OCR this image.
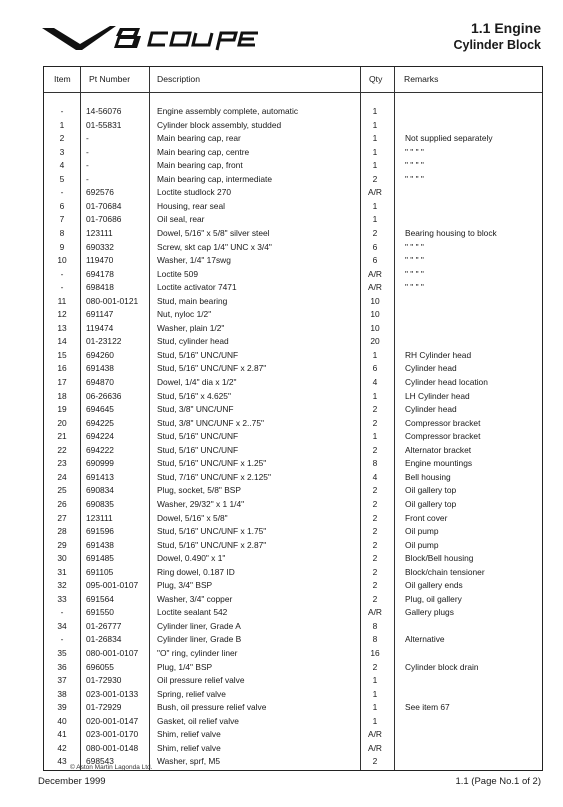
1.1 Engine
Cylinder Block
Item Pt Number	Description	Qty	Remarks
-	14-56076	Engine assembly complete, automatic	1
1	01-55831	Cylinder block assembly, studded	1
2	-	Main bearing cap, rear	1	Not supplied separately
3	-	Main bearing cap, centre	1	" " " "
4	-	Main bearing cap, front	1	" " " "
5	-	Main bearing cap, intermediate	2	" " " "
-	692576	Loctite studlock 270	A/R
6	01-70684	Housing, rear seal	1
7	01-70686	Oil seal, rear	1
8	123111	Dowel, 5/16" x 5/8" silver steel	2	Bearing housing to block
9	690332	Screw, skt cap 1/4" UNC x 3/4"	6	" " " "
10	119470	Washer, 1/4" 17swg	6	" " " "
-	694178	Loctite 509	A/R	" " " "
-	698418	Loctite activator 7471	A/R	" " " "
11	080-001-0121	Stud, main bearing	10
12	691147	Nut, nyloc 1/2"	10
13	119474	Washer, plain 1/2"	10
14	01-23122	Stud, cylinder head	20
15	694260	Stud, 5/16" UNC/UNF	1	RH Cylinder head
16	691438	Stud, 5/16" UNC/UNF x 2.87"	6	Cylinder head
17	694870	Dowel, 1/4" dia x 1/2"	4	Cylinder head location
18	06-26636	Stud, 5/16" x 4.625"	1	LH Cylinder head
19	694645	Stud, 3/8" UNC/UNF	2	Cylinder head
20	694225	Stud, 3/8" UNC/UNF x 2..75"	2	Compressor bracket
21	694224	Stud, 5/16" UNC/UNF	1	Compressor bracket
22	694222	Stud, 5/16" UNC/UNF	2	Alternator bracket
23	690999	Stud, 5/16" UNC/UNF x 1.25"	8	Engine mountings
24	691413	Stud, 7/16" UNC/UNF x 2.125"	4	Bell housing
25	690834	Plug, socket, 5/8" BSP	2	Oil gallery top
26	690835	Washer, 29/32" x 1 1/4"	2	Oil gallery top
27	123111	Dowel, 5/16" x 5/8"	2	Front cover
28	691596	Stud, 5/16" UNC/UNF x 1.75"	2	Oil pump
29	691438	Stud, 5/16" UNC/UNF x 2.87"	2	Oil pump
30	691485	Dowel, 0.490" x 1"	2	Block/Bell housing
31	691105	Ring dowel, 0.187 ID	2	Block/chain tensioner
32	095-001-0107	Plug, 3/4" BSP	2	Oil gallery ends
33	691564	Washer, 3/4" copper	2	Plug, oil gallery
-	691550	Loctite sealant 542	A/R	Gallery plugs
34	01-26777	Cylinder liner, Grade A	8
-	01-26834	Cylinder liner, Grade B	8	Alternative
35	080-001-0107	"O" ring, cylinder liner	16
36	696055	Plug, 1/4" BSP	2	Cylinder block drain
37	01-72930	Oil pressure relief valve	1
38	023-001-0133	Spring, relief valve	1
39	01-72929	Bush, oil pressure relief valve	1	See item 67
40	020-001-0147	Gasket, oil relief valve	1
41	023-001-0170	Shim, relief valve	A/R
42	080-001-0148	Shim, relief valve	A/R
43	698543	Washer, sprf, M5	2
© Aston Martin Lagonda Ltd.
December 1999	1.1 (Page No.1 of 2)
